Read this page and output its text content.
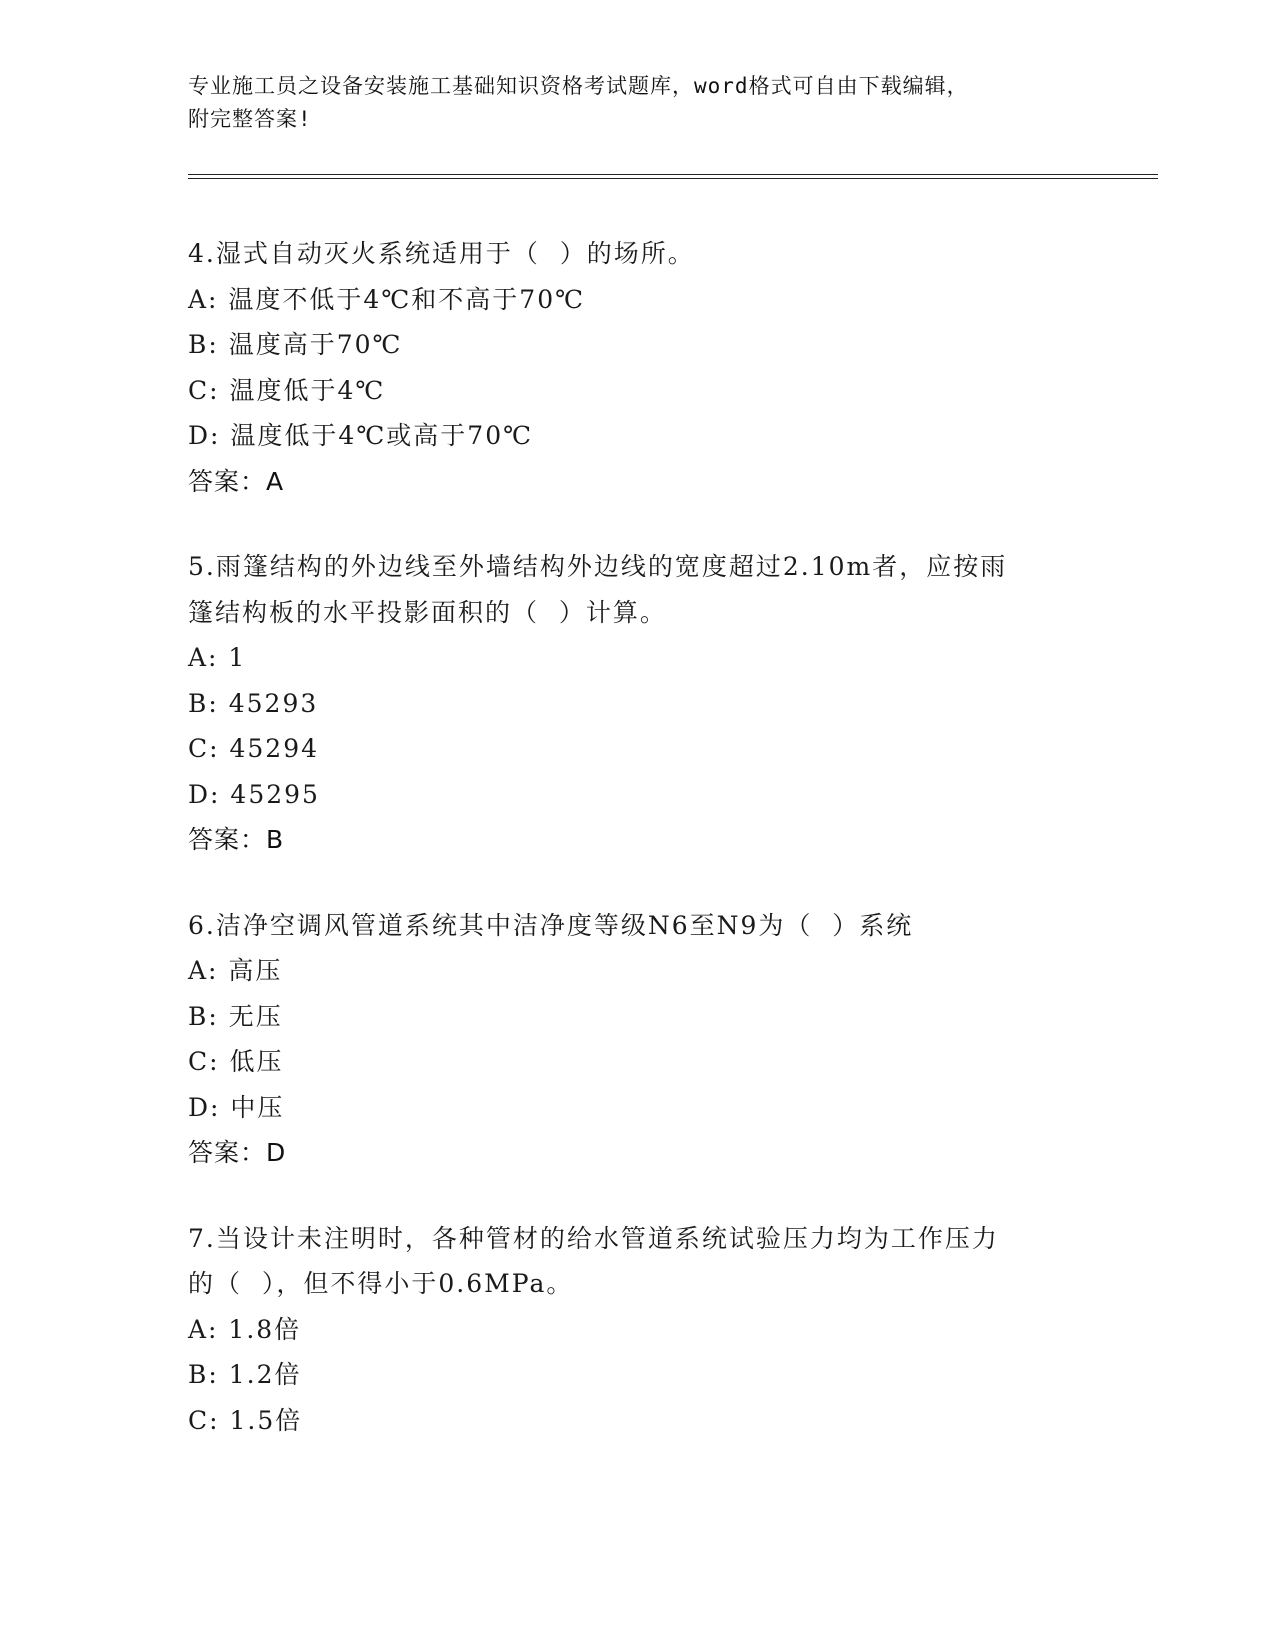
专业施工员之设备安装施工基础知识资格考试题库，word格式可自由下载编辑，
附完整答案!

4.湿式自动灭火系统适用于（  ）的场所。

A: 温度不低于4℃和不高于70℃

B: 温度高于70℃

C: 温度低于4℃

D: 温度低于4℃或高于70℃

答案：A

5.雨篷结构的外边线至外墙结构外边线的宽度超过2.10m者，应按雨

篷结构板的水平投影面积的（  ）计算。

A: 1

B: 45293

C: 45294

D: 45295

答案：B

6.洁净空调风管道系统其中洁净度等级N6至N9为（  ）系统

A: 高压

B: 无压

C: 低压

D: 中压

答案：D

7.当设计未注明时，各种管材的给水管道系统试验压力均为工作压力

的（  ），但不得小于0.6MPa。

A: 1.8倍

B: 1.2倍

C: 1.5倍
